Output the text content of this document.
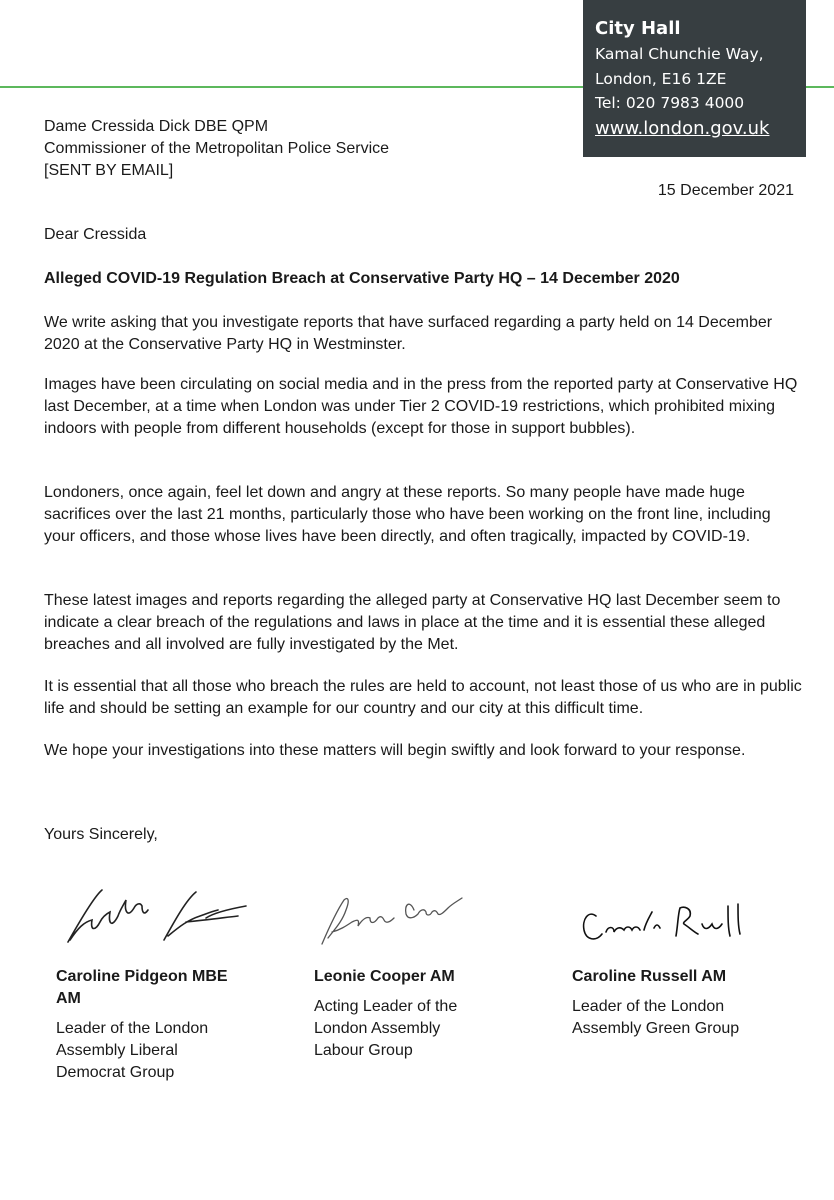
City Hall
Kamal Chunchie Way,
London, E16 1ZE
Tel: 020 7983 4000
www.london.gov.uk
Dame Cressida Dick DBE QPM
Commissioner of the Metropolitan Police Service
[SENT BY EMAIL]
15 December 2021

Dear Cressida

Alleged COVID-19 Regulation Breach at Conservative Party HQ – 14 December 2020

We write asking that you investigate reports that have surfaced regarding a party held on 14 December 2020 at the Conservative Party HQ in Westminster.

Images have been circulating on social media and in the press from the reported party at Conservative HQ last December, at a time when London was under Tier 2 COVID-19 restrictions, which prohibited mixing indoors with people from different households (except for those in support bubbles).

Londoners, once again, feel let down and angry at these reports. So many people have made huge sacrifices over the last 21 months, particularly those who have been working on the front line, including your officers, and those whose lives have been directly, and often tragically, impacted by COVID-19.

These latest images and reports regarding the alleged party at Conservative HQ last December seem to indicate a clear breach of the regulations and laws in place at the time and it is essential these alleged breaches and all involved are fully investigated by the Met.

It is essential that all those who breach the rules are held to account, not least those of us who are in public life and should be setting an example for our country and our city at this difficult time.

We hope your investigations into these matters will begin swiftly and look forward to your response.

Yours Sincerely,

Caroline Pidgeon MBE AM
Leader of the London Assembly Liberal Democrat Group
Leonie Cooper AM
Acting Leader of the London Assembly Labour Group
Caroline Russell AM
Leader of the London Assembly Green Group
